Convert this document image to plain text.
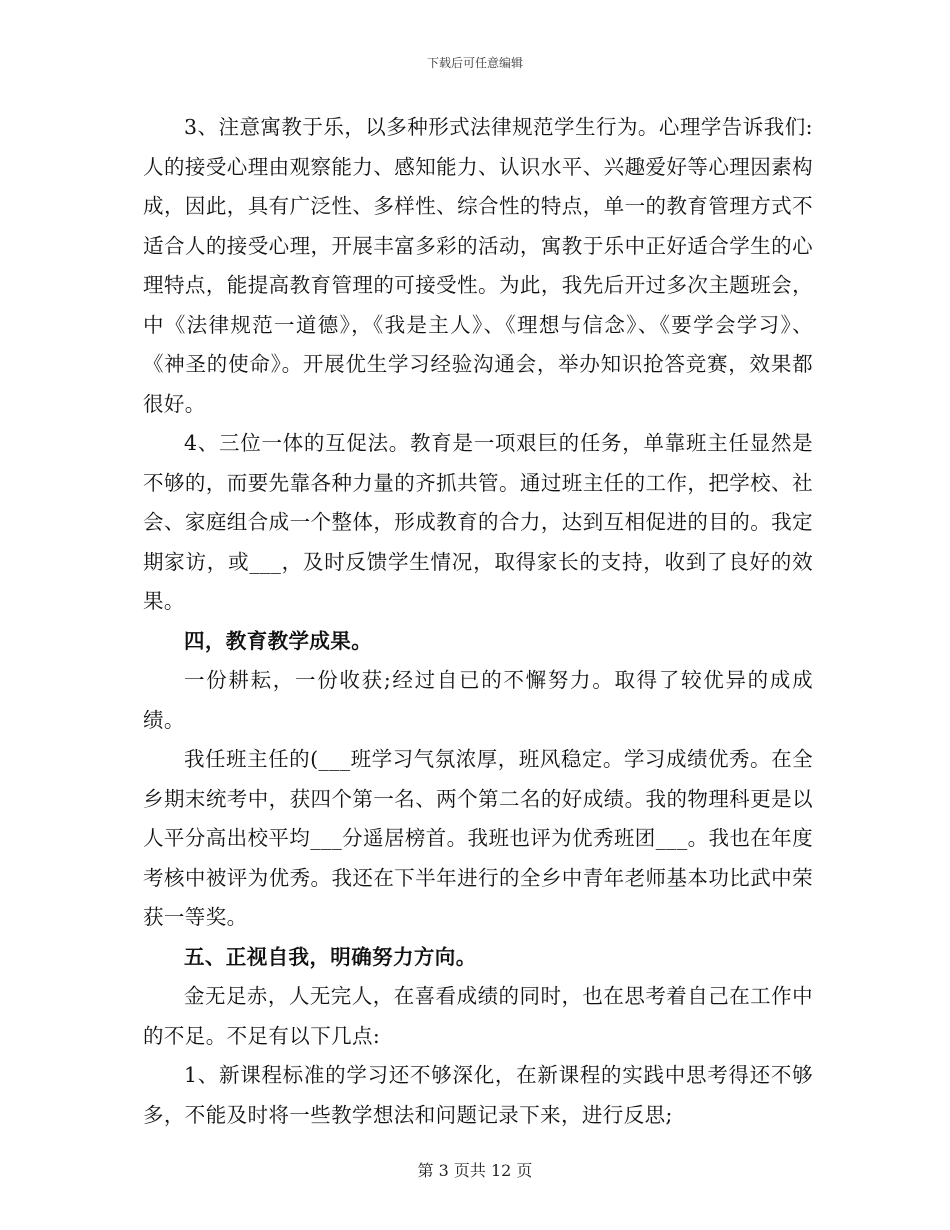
下载后可任意编辑

3、注意寓教于乐，以多种形式法律规范学生行为。心理学告诉我们:人的接受心理由观察能力、感知能力、认识水平、兴趣爱好等心理因素构成，因此，具有广泛性、多样性、综合性的特点，单一的教育管理方式不适合人的接受心理，开展丰富多彩的活动，寓教于乐中正好适合学生的心理特点，能提高教育管理的可接受性。为此，我先后开过多次主题班会，中《法律规范一道德》，《我是主人》、《理想与信念》、《要学会学习》、《神圣的使命》。开展优生学习经验沟通会，举办知识抢答竞赛，效果都很好。

4、三位一体的互促法。教育是一项艰巨的任务，单靠班主任显然是不够的，而要先靠各种力量的齐抓共管。通过班主任的工作，把学校、社会、家庭组合成一个整体，形成教育的合力，达到互相促进的目的。我定期家访，或___，及时反馈学生情况，取得家长的支持，收到了良好的效果。

四，教育教学成果。

一份耕耘，一份收获;经过自已的不懈努力。取得了较优异的成成绩。

我任班主任的(___班学习气氛浓厚，班风稳定。学习成绩优秀。在全乡期末统考中，获四个第一名、两个第二名的好成绩。我的物理科更是以人平分高出校平均___分遥居榜首。我班也评为优秀班团___。我也在年度考核中被评为优秀。我还在下半年进行的全乡中青年老师基本功比武中荣获一等奖。

五、正视自我，明确努力方向。

金无足赤，人无完人，在喜看成绩的同时，也在思考着自己在工作中的不足。不足有以下几点:

1、新课程标准的学习还不够深化，在新课程的实践中思考得还不够多，不能及时将一些教学想法和问题记录下来，进行反思;

第 3 页共 12 页
